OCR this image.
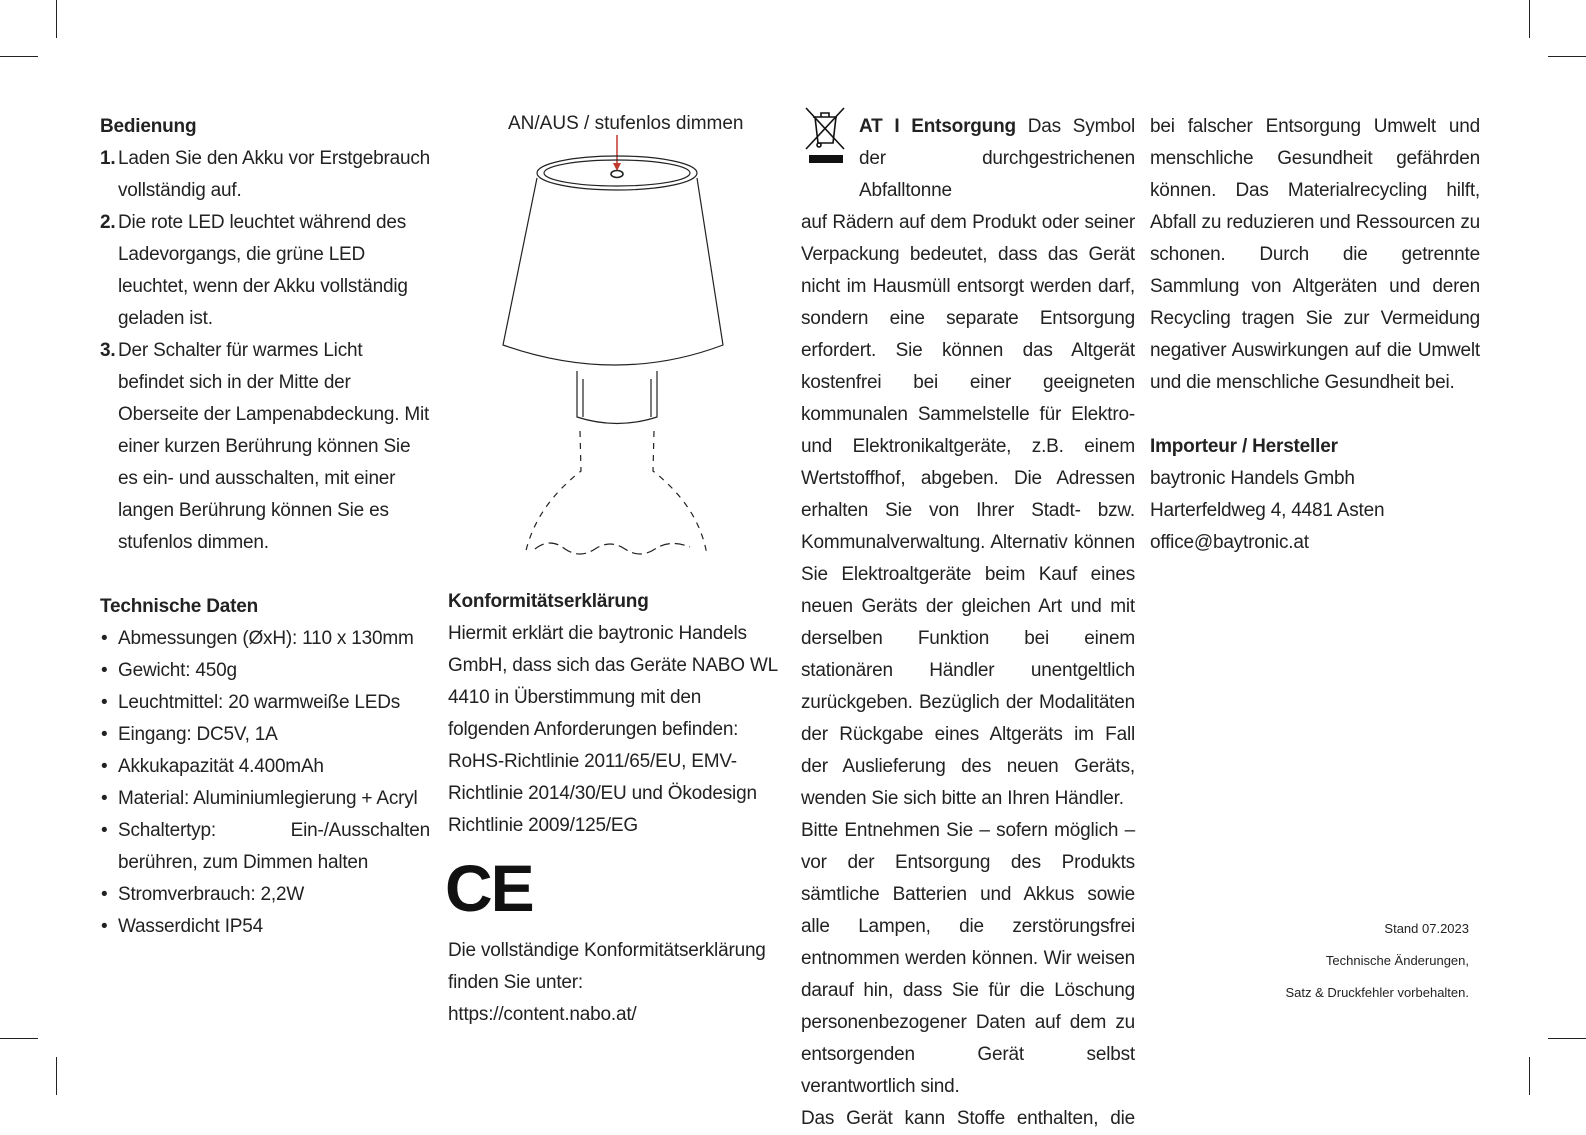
Bedienung

1. Laden Sie den Akku vor Erstgebrauch vollständig auf.
2. Die rote LED leuchtet während des Ladevorgangs, die grüne LED leuchtet, wenn der Akku vollständig geladen ist.
3. Der Schalter für warmes Licht befindet sich in der Mitte der Oberseite der Lampenabdeckung. Mit einer kurzen Berührung können Sie es ein- und ausschalten, mit einer langen Berührung können Sie es stufenlos dimmen.

Technische Daten

• Abmessungen (ØxH): 110 x 130mm
• Gewicht: 450g
• Leuchtmittel: 20 warmweiße LEDs
• Eingang: DC5V, 1A
• Akkukapazität 4.400mAh
• Material: Aluminiumlegierung + Acryl
• Schaltertyp: Ein-/Ausschalten berühren, zum Dimmen halten
• Stromverbrauch: 2,2W
• Wasserdicht IP54
AN/AUS / stufenlos dimmen

Konformitätserklärung

Hiermit erklärt die baytronic Handels GmbH, dass sich das Geräte NABO WL 4410 in Überstimmung mit den folgenden Anforderungen befinden: RoHS-Richtlinie 2011/65/EU, EMV-Richtlinie 2014/30/EU und Ökodesign Richtlinie 2009/125/EG

CE

Die vollständige Konformitätserklärung finden Sie unter: https://content.nabo.at/

AT I Entsorgung Das Symbol der durchgestrichenen Abfalltonne

auf Rädern auf dem Produkt oder seiner Verpackung bedeutet, dass das Gerät nicht im Hausmüll entsorgt werden darf, sondern eine separate Entsorgung erfordert. Sie können das Altgerät kostenfrei bei einer geeigneten kommunalen Sammelstelle für Elektro- und Elektronikaltgeräte, z.B. einem Wertstoffhof, abgeben. Die Adressen erhalten Sie von Ihrer Stadt- bzw. Kommunalverwaltung. Alternativ können Sie Elektroaltgeräte beim Kauf eines neuen Geräts der gleichen Art und mit derselben Funktion bei einem stationären Händler unentgeltlich zurückgeben. Bezüglich der Modalitäten der Rückgabe eines Altgeräts im Fall der Auslieferung des neuen Geräts, wenden Sie sich bitte an Ihren Händler.

Bitte Entnehmen Sie – sofern möglich – vor der Entsorgung des Produkts sämtliche Batterien und Akkus sowie alle Lampen, die zerstörungsfrei entnommen werden können. Wir weisen darauf hin, dass Sie für die Löschung personenbezogener Daten auf dem zu entsorgenden Gerät selbst verantwortlich sind.

Das Gerät kann Stoffe enthalten, die

bei falscher Entsorgung Umwelt und menschliche Gesundheit gefährden können. Das Materialrecycling hilft, Abfall zu reduzieren und Ressourcen zu schonen. Durch die getrennte Sammlung von Altgeräten und deren Recycling tragen Sie zur Vermeidung negativer Auswirkungen auf die Umwelt und die menschliche Gesundheit bei.

Importeur / Hersteller

baytronic Handels Gmbh

Harterfeldweg 4, 4481 Asten

office@baytronic.at

Stand 07.2023
Technische Änderungen,
Satz & Druckfehler vorbehalten.
